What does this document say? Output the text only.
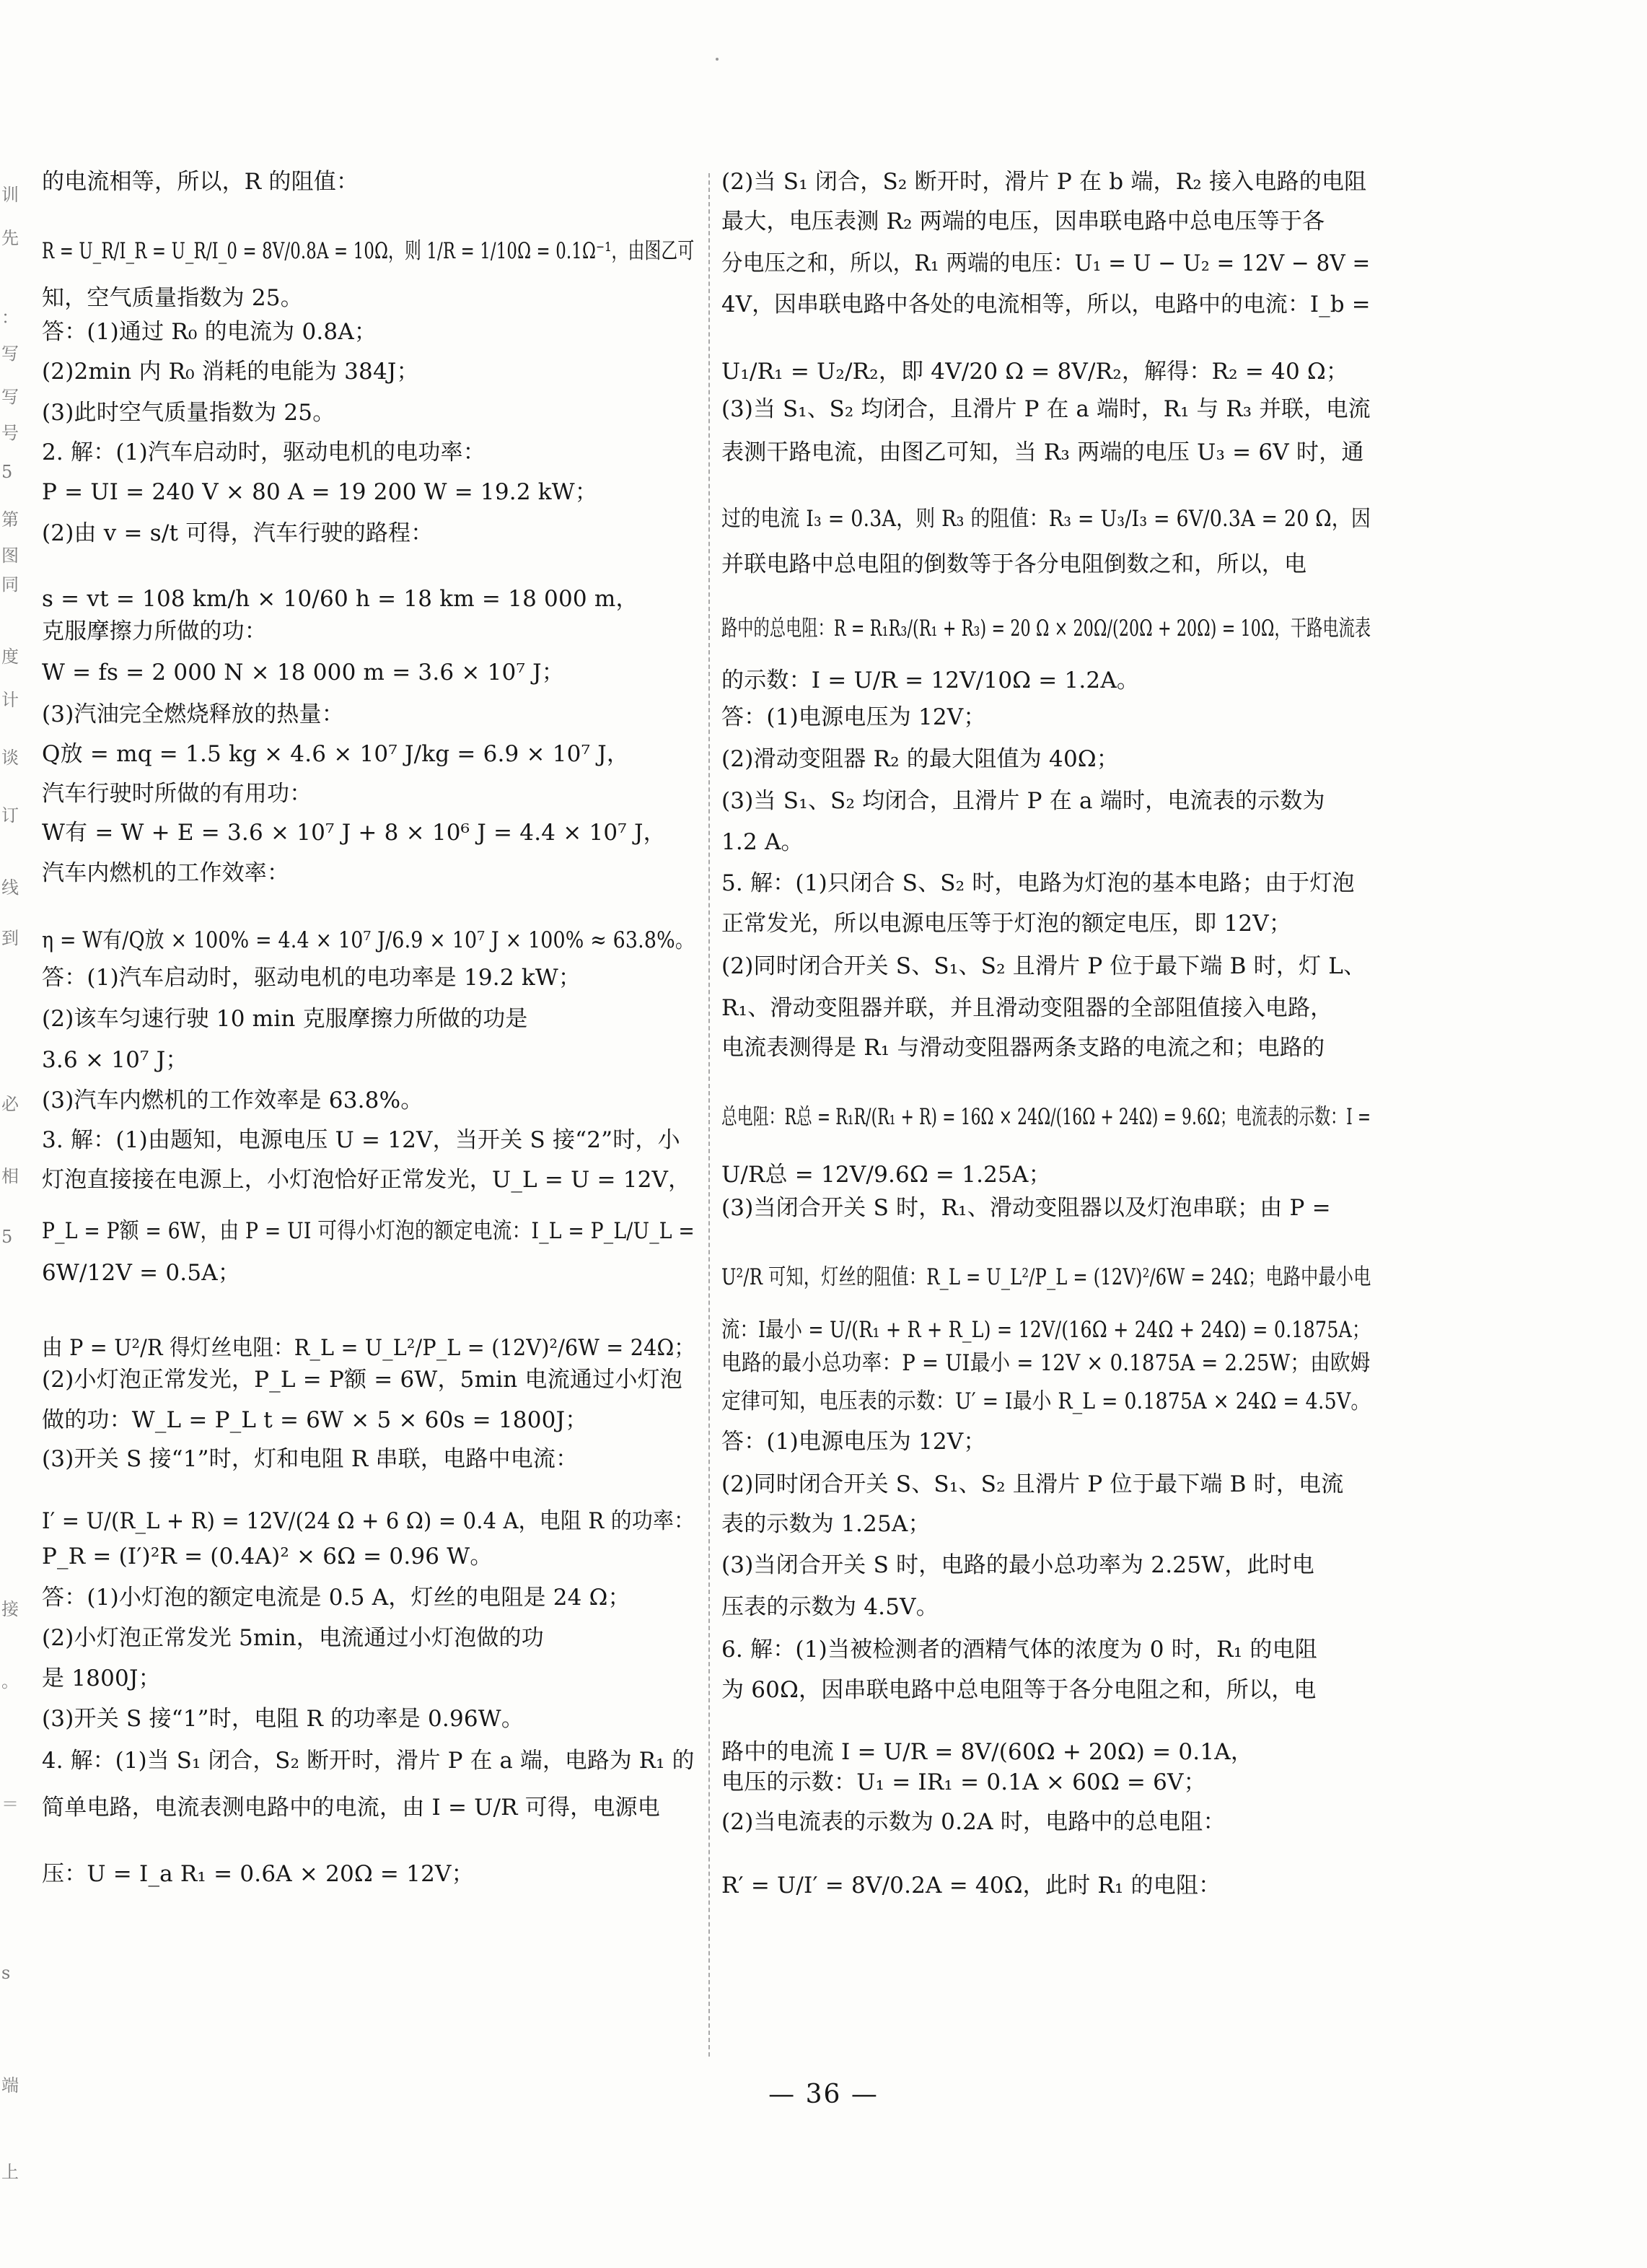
训
先
：
写
写
号
5
第
图
同
度
计
谈
订
线
到
必
相
5
接
。
＝
s
端
上
的电流相等，所以，R 的阻值：
R = U_R/I_R = U_R/I_0 = 8V/0.8A = 10Ω，则 1/R = 1/10Ω = 0.1Ω⁻¹，由图乙可
知，空气质量指数为 25。
答：(1)通过 R₀ 的电流为 0.8A；
(2)2min 内 R₀ 消耗的电能为 384J；
(3)此时空气质量指数为 25。
2. 解：(1)汽车启动时，驱动电机的电功率：
P = UI = 240 V × 80 A = 19 200 W = 19.2 kW；
(2)由 v = s/t 可得，汽车行驶的路程：
s = vt = 108 km/h × 10/60 h = 18 km = 18 000 m，
克服摩擦力所做的功：
W = fs = 2 000 N × 18 000 m = 3.6 × 10⁷ J；
(3)汽油完全燃烧释放的热量：
Q放 = mq = 1.5 kg × 4.6 × 10⁷ J/kg = 6.9 × 10⁷ J，
汽车行驶时所做的有用功：
W有 = W + E = 3.6 × 10⁷ J + 8 × 10⁶ J = 4.4 × 10⁷ J，
汽车内燃机的工作效率：
η = W有/Q放 × 100% = 4.4 × 10⁷ J/6.9 × 10⁷ J × 100% ≈ 63.8%。
答：(1)汽车启动时，驱动电机的电功率是 19.2 kW；
(2)该车匀速行驶 10 min 克服摩擦力所做的功是
3.6 × 10⁷ J；
(3)汽车内燃机的工作效率是 63.8%。
3. 解：(1)由题知，电源电压 U = 12V，当开关 S 接“2”时，小
灯泡直接接在电源上，小灯泡恰好正常发光，U_L = U = 12V，
P_L = P额 = 6W，由 P = UI 可得小灯泡的额定电流：I_L = P_L/U_L =
6W/12V = 0.5A；
由 P = U²/R 得灯丝电阻：R_L = U_L²/P_L = (12V)²/6W = 24Ω；
(2)小灯泡正常发光，P_L = P额 = 6W，5min 电流通过小灯泡
做的功：W_L = P_L t = 6W × 5 × 60s = 1800J；
(3)开关 S 接“1”时，灯和电阻 R 串联，电路中电流：
I′ = U/(R_L + R) = 12V/(24 Ω + 6 Ω) = 0.4 A，电阻 R 的功率：
P_R = (I′)²R = (0.4A)² × 6Ω = 0.96 W。
答：(1)小灯泡的额定电流是 0.5 A，灯丝的电阻是 24 Ω；
(2)小灯泡正常发光 5min，电流通过小灯泡做的功
是 1800J；
(3)开关 S 接“1”时，电阻 R 的功率是 0.96W。
4. 解：(1)当 S₁ 闭合，S₂ 断开时，滑片 P 在 a 端，电路为 R₁ 的
简单电路，电流表测电路中的电流，由 I = U/R 可得，电源电
压：U = I_a R₁ = 0.6A × 20Ω = 12V；
(2)当 S₁ 闭合，S₂ 断开时，滑片 P 在 b 端，R₂ 接入电路的电阻
最大，电压表测 R₂ 两端的电压，因串联电路中总电压等于各
分电压之和，所以，R₁ 两端的电压：U₁ = U − U₂ = 12V − 8V =
4V，因串联电路中各处的电流相等，所以，电路中的电流：I_b =
U₁/R₁ = U₂/R₂，即 4V/20 Ω = 8V/R₂，解得：R₂ = 40 Ω；
(3)当 S₁、S₂ 均闭合，且滑片 P 在 a 端时，R₁ 与 R₃ 并联，电流
表测干路电流，由图乙可知，当 R₃ 两端的电压 U₃ = 6V 时，通
过的电流 I₃ = 0.3A，则 R₃ 的阻值：R₃ = U₃/I₃ = 6V/0.3A = 20 Ω，因
并联电路中总电阻的倒数等于各分电阻倒数之和，所以，电
路中的总电阻：R = R₁R₃/(R₁ + R₃) = 20 Ω × 20Ω/(20Ω + 20Ω) = 10Ω，干路电流表
的示数：I = U/R = 12V/10Ω = 1.2A。
答：(1)电源电压为 12V；
(2)滑动变阻器 R₂ 的最大阻值为 40Ω；
(3)当 S₁、S₂ 均闭合，且滑片 P 在 a 端时，电流表的示数为
1.2 A。
5. 解：(1)只闭合 S、S₂ 时，电路为灯泡的基本电路；由于灯泡
正常发光，所以电源电压等于灯泡的额定电压，即 12V；
(2)同时闭合开关 S、S₁、S₂ 且滑片 P 位于最下端 B 时，灯 L、
R₁、滑动变阻器并联，并且滑动变阻器的全部阻值接入电路，
电流表测得是 R₁ 与滑动变阻器两条支路的电流之和；电路的
总电阻：R总 = R₁R/(R₁ + R) = 16Ω × 24Ω/(16Ω + 24Ω) = 9.6Ω；电流表的示数：I =
U/R总 = 12V/9.6Ω = 1.25A；
(3)当闭合开关 S 时，R₁、滑动变阻器以及灯泡串联；由 P =
U²/R 可知，灯丝的阻值：R_L = U_L²/P_L = (12V)²/6W = 24Ω；电路中最小电
流：I最小 = U/(R₁ + R + R_L) = 12V/(16Ω + 24Ω + 24Ω) = 0.1875A；
电路的最小总功率：P = UI最小 = 12V × 0.1875A = 2.25W；由欧姆
定律可知，电压表的示数：U′ = I最小 R_L = 0.1875A × 24Ω = 4.5V。
答：(1)电源电压为 12V；
(2)同时闭合开关 S、S₁、S₂ 且滑片 P 位于最下端 B 时，电流
表的示数为 1.25A；
(3)当闭合开关 S 时，电路的最小总功率为 2.25W，此时电
压表的示数为 4.5V。
6. 解：(1)当被检测者的酒精气体的浓度为 0 时，R₁ 的电阻
为 60Ω，因串联电路中总电阻等于各分电阻之和，所以，电
路中的电流 I = U/R = 8V/(60Ω + 20Ω) = 0.1A，
电压的示数：U₁ = IR₁ = 0.1A × 60Ω = 6V；
(2)当电流表的示数为 0.2A 时，电路中的总电阻：
R′ = U/I′ = 8V/0.2A = 40Ω，此时 R₁ 的电阻：
— 36 —
